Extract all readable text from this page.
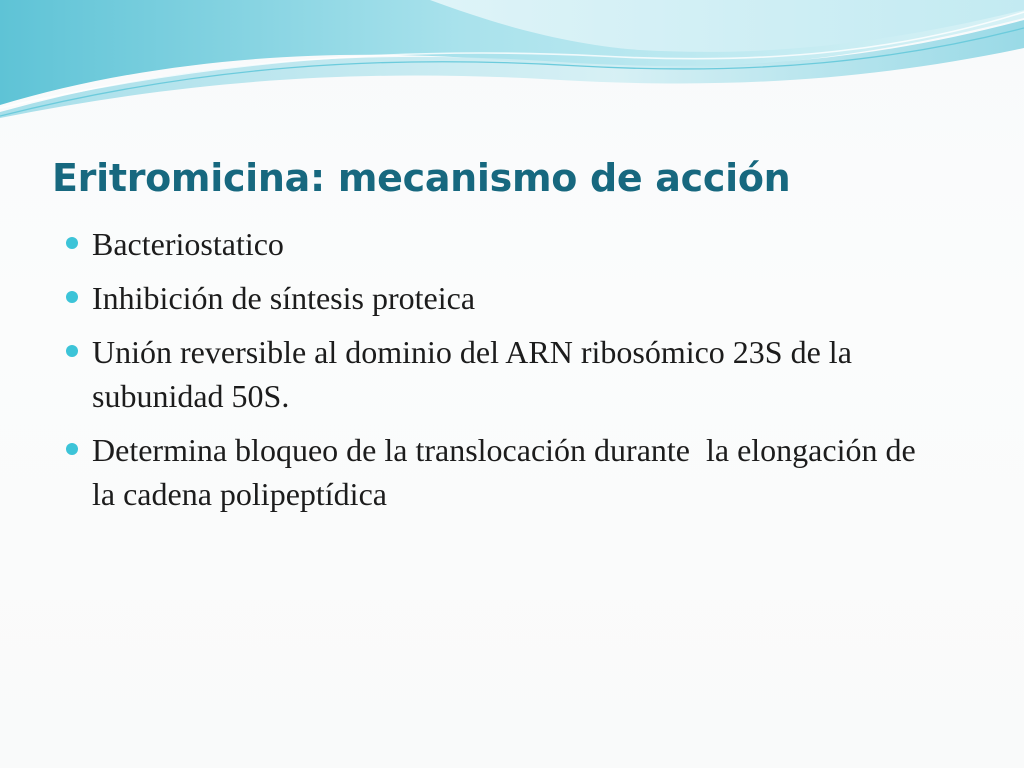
Eritromicina: mecanismo de acción
Bacteriostatico
Inhibición de síntesis proteica
Unión reversible al dominio del ARN ribosómico 23S de la subunidad 50S.
Determina bloqueo de la translocación durante  la elongación de la cadena polipeptídica
